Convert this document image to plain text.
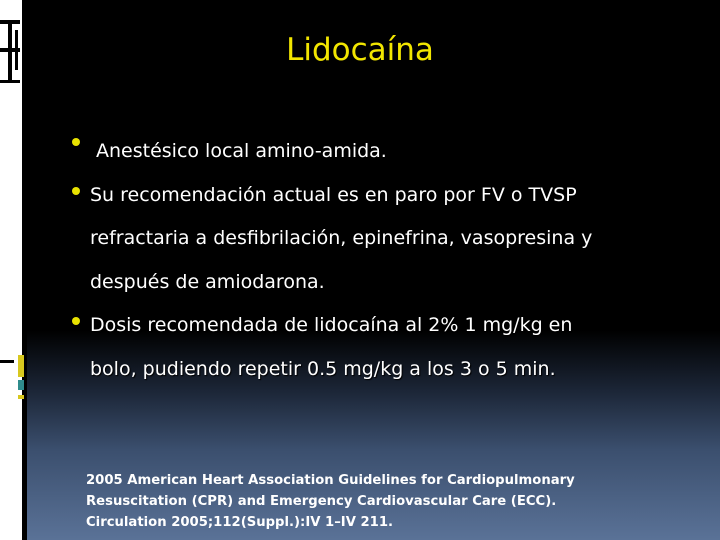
Lidocaína
Anestésico local amino-amida.
Su recomendación actual es en paro por FV o TVSP
refractaria a desfibrilación, epinefrina, vasopresina y
después de amiodarona.
Dosis recomendada de lidocaína al 2% 1 mg/kg en
bolo, pudiendo repetir 0.5 mg/kg a los 3 o 5 min.
2005 American Heart Association Guidelines for Cardiopulmonary
Resuscitation (CPR) and Emergency Cardiovascular Care (ECC).
Circulation 2005;112(Suppl.):IV 1–IV 211.
